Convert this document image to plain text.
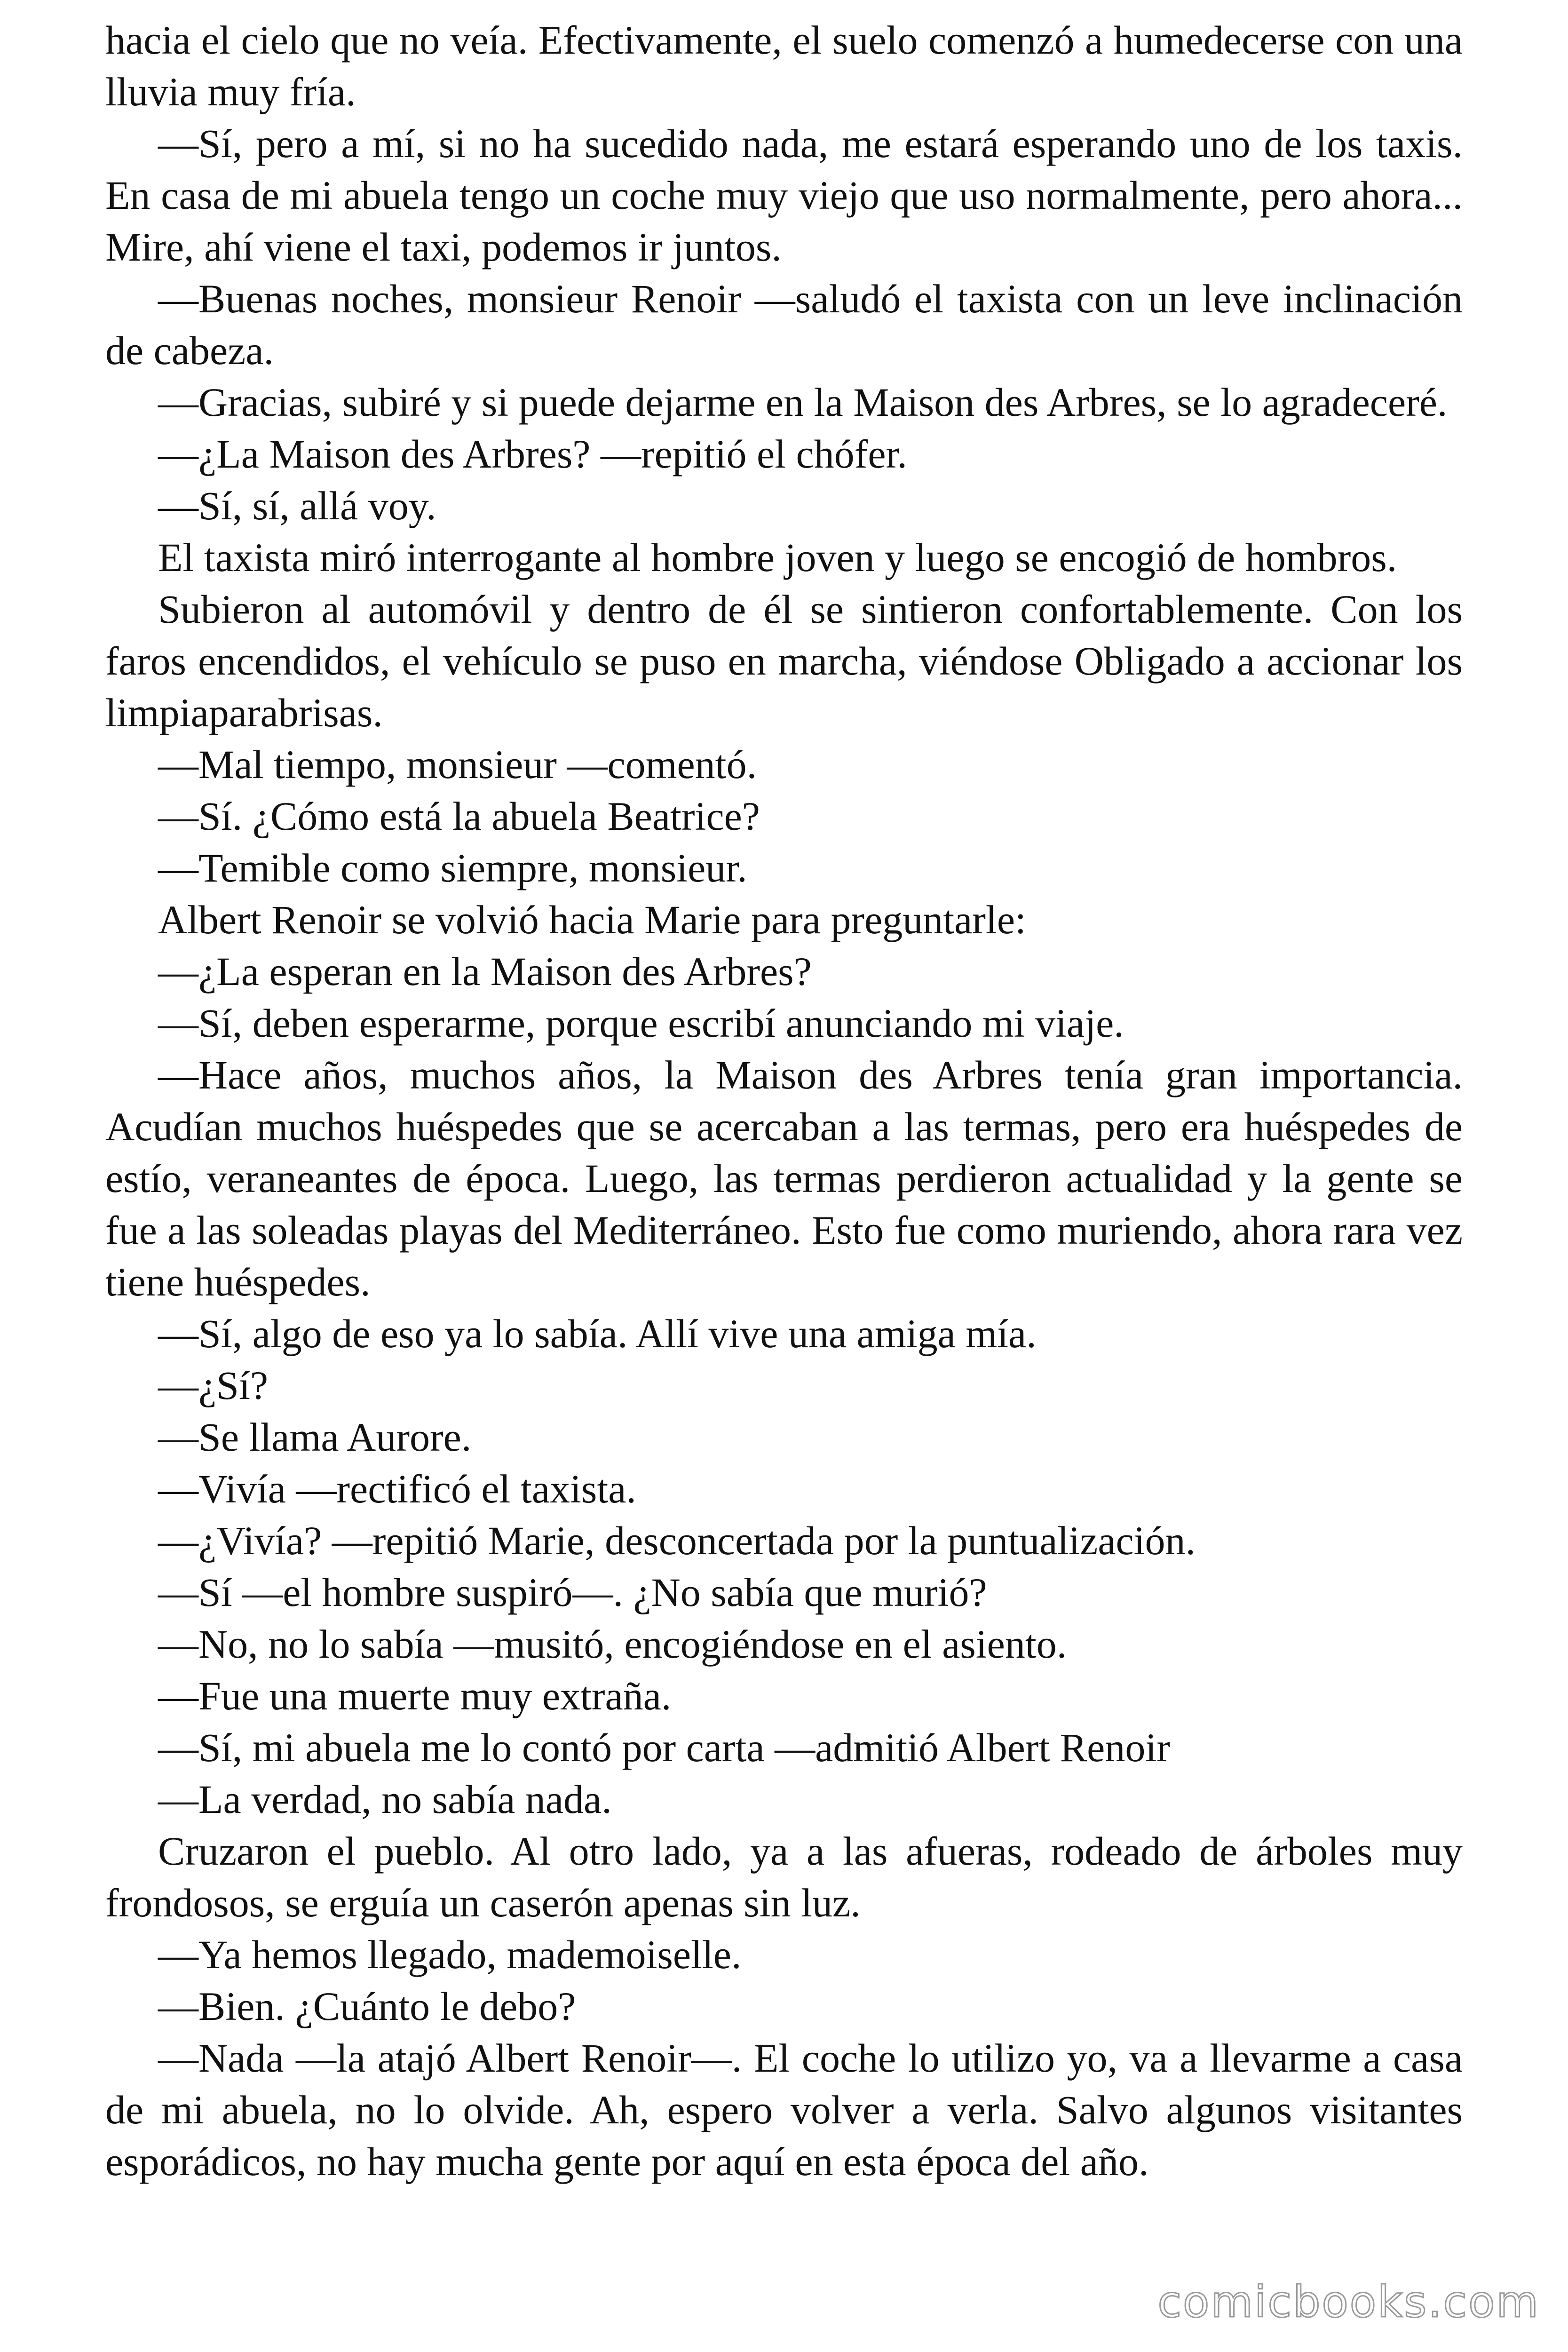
hacia el cielo que no veía. Efectivamente, el suelo comenzó a humedecerse con una lluvia muy fría.

—Sí, pero a mí, si no ha sucedido nada, me estará esperando uno de los taxis. En casa de mi abuela tengo un coche muy viejo que uso normalmente, pero ahora... Mire, ahí viene el taxi, podemos ir juntos.

—Buenas noches, monsieur Renoir —saludó el taxista con un leve inclinación de cabeza.

—Gracias, subiré y si puede dejarme en la Maison des Arbres, se lo agradeceré.

—¿La Maison des Arbres? —repitió el chófer.

—Sí, sí, allá voy.

El taxista miró interrogante al hombre joven y luego se encogió de hombros.

Subieron al automóvil y dentro de él se sintieron confortablemente. Con los faros encendidos, el vehículo se puso en marcha, viéndose Obligado a accionar los limpiaparabrisas.

—Mal tiempo, monsieur —comentó.

—Sí. ¿Cómo está la abuela Beatrice?

—Temible como siempre, monsieur.

Albert Renoir se volvió hacia Marie para preguntarle:

—¿La esperan en la Maison des Arbres?

—Sí, deben esperarme, porque escribí anunciando mi viaje.

—Hace años, muchos años, la Maison des Arbres tenía gran importancia. Acudían muchos huéspedes que se acercaban a las termas, pero era huéspedes de estío, veraneantes de época. Luego, las termas perdieron actualidad y la gente se fue a las soleadas playas del Mediterráneo. Esto fue como muriendo, ahora rara vez tiene huéspedes.

—Sí, algo de eso ya lo sabía. Allí vive una amiga mía.

—¿Sí?

—Se llama Aurore.

—Vivía —rectificó el taxista.

—¿Vivía? —repitió Marie, desconcertada por la puntualización.

—Sí —el hombre suspiró—. ¿No sabía que murió?

—No, no lo sabía —musitó, encogiéndose en el asiento.

—Fue una muerte muy extraña.

—Sí, mi abuela me lo contó por carta —admitió Albert Renoir

—La verdad, no sabía nada.

Cruzaron el pueblo. Al otro lado, ya a las afueras, rodeado de árboles muy frondosos, se erguía un caserón apenas sin luz.

—Ya hemos llegado, mademoiselle.

—Bien. ¿Cuánto le debo?

—Nada —la atajó Albert Renoir—. El coche lo utilizo yo, va a llevarme a casa de mi abuela, no lo olvide. Ah, espero volver a verla. Salvo algunos visitantes esporádicos, no hay mucha gente por aquí en esta época del año.

comicbooks.com
